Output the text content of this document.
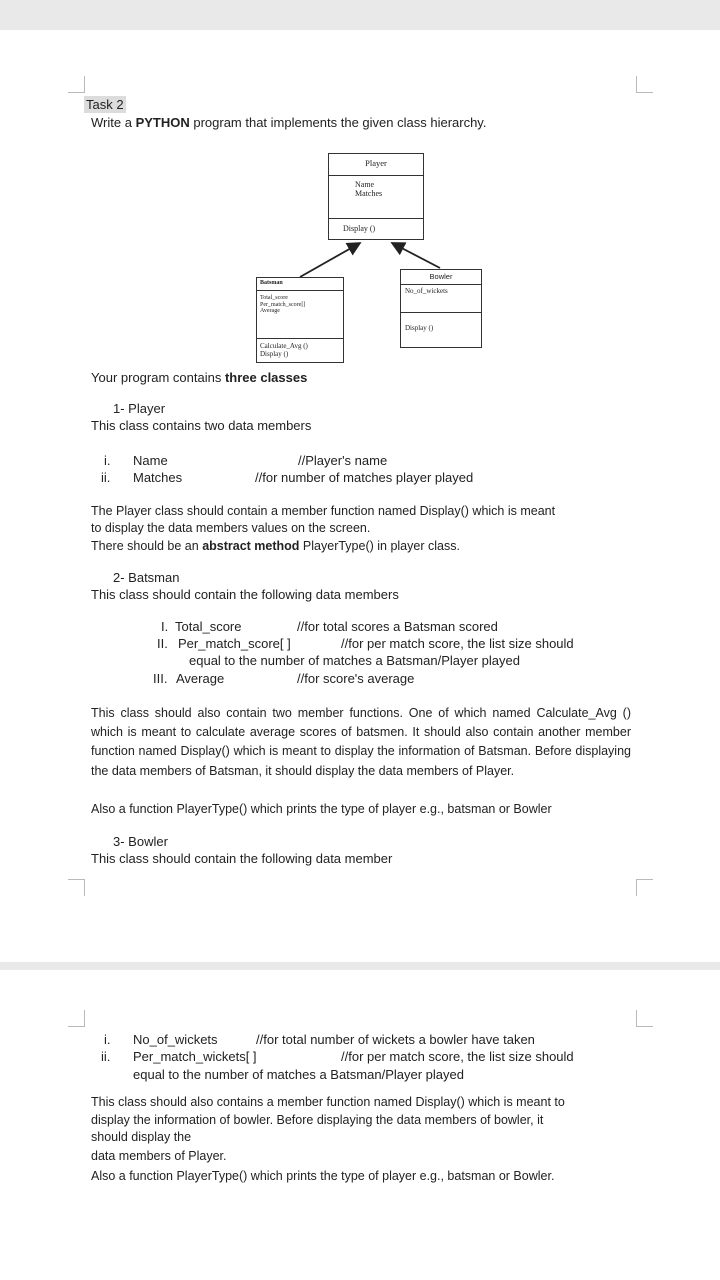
Task 2
Write a PYTHON program that implements the given class hierarchy.
Player
Name
Matches
Display ()
Batsman
Total_score
Per_match_score[]
Average
Calculate_Avg ()
Display ()
Bowler
No_of_wickets
Display ()
Your program contains three classes
1- Player
This class contains two data members
i. Name	//Player's name
ii. Matches	//for number of matches player played
The Player class should contain a member function named Display() which is meant
to display the data members values on the screen.
There should be an abstract method PlayerType() in player class.
2- Batsman
This class should contain the following data members
I. Total_score	//for total scores a Batsman scored
II. Per_match_score[ ]	//for per match score, the list size should
equal to the number of matches a Batsman/Player played
III. Average	//for score's average
This class should also contain two member functions. One of which named Calculate_Avg () which is meant to calculate average scores of batsmen. It should also contain another member function named Display() which is meant to display the information of Batsman. Before displaying the data members of Batsman, it should display the data members of Player.
Also a function PlayerType() which prints the type of player e.g., batsman or Bowler
3- Bowler
This class should contain the following data member
i. No_of_wickets	//for total number of wickets a bowler have taken
ii. Per_match_wickets[ ]	//for per match score, the list size should
equal to the number of matches a Batsman/Player played
This class should also contains a member function named Display() which is meant to
display the information of bowler. Before displaying the data members of bowler, it
should display the
data members of Player.
Also a function PlayerType() which prints the type of player e.g., batsman or Bowler.
